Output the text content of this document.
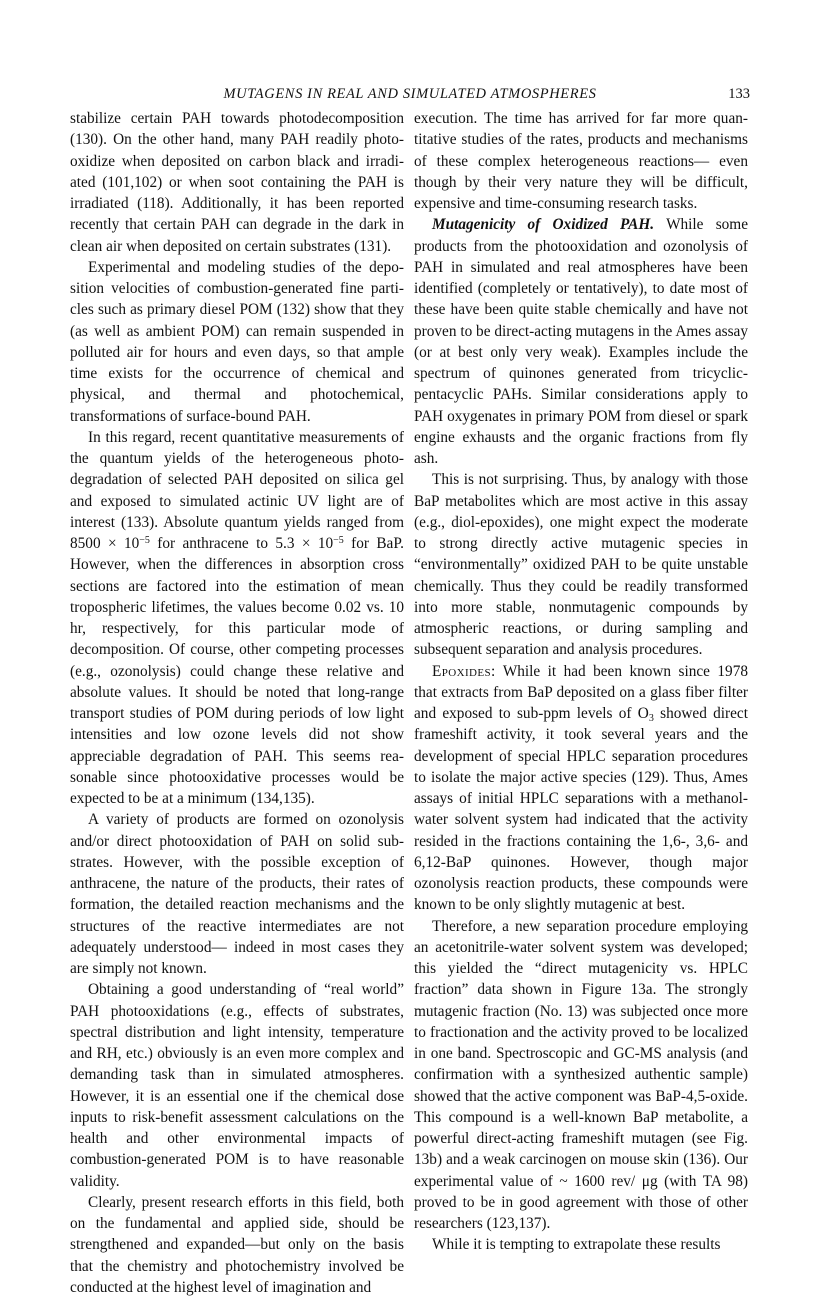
MUTAGENS IN REAL AND SIMULATED ATMOSPHERES	133

stabilize certain PAH towards photodecomposition (130). On the other hand, many PAH readily photooxidize when deposited on carbon black and irradiated (101,102) or when soot containing the PAH is irradiated (118). Additionally, it has been reported recently that certain PAH can degrade in the dark in clean air when deposited on certain substrates (131).

Experimental and modeling studies of the deposition velocities of combustion-generated fine particles such as primary diesel POM (132) show that they (as well as ambient POM) can remain suspended in polluted air for hours and even days, so that ample time exists for the occurrence of chemical and physical, and thermal and photochemical, transformations of surface-bound PAH.

In this regard, recent quantitative measurements of the quantum yields of the heterogeneous photodegradation of selected PAH deposited on silica gel and exposed to simulated actinic UV light are of interest (133). Absolute quantum yields ranged from $8500 \times 10^{-5}$ for anthracene to $5.3 \times 10^{-5}$ for BaP. However, when the differences in absorption cross sections are factored into the estimation of mean tropospheric lifetimes, the values become 0.02 vs. 10 hr, respectively, for this particular mode of decomposition. Of course, other competing processes (e.g., ozonolysis) could change these relative and absolute values. It should be noted that long-range transport studies of POM during periods of low light intensities and low ozone levels did not show appreciable degradation of PAH. This seems reasonable since photooxidative processes would be expected to be at a minimum (134,135).

A variety of products are formed on ozonolysis and/or direct photooxidation of PAH on solid substrates. However, with the possible exception of anthracene, the nature of the products, their rates of formation, the detailed reaction mechanisms and the structures of the reactive intermediates are not adequately understood— indeed in most cases they are simply not known.

Obtaining a good understanding of “real world” PAH photooxidations (e.g., effects of substrates, spectral distribution and light intensity, temperature and RH, etc.) obviously is an even more complex and demanding task than in simulated atmospheres. However, it is an essential one if the chemical dose inputs to risk-benefit assessment calculations on the health and other environmental impacts of combustion-generated POM is to have reasonable validity.

Clearly, present research efforts in this field, both on the fundamental and applied side, should be strengthened and expanded—but only on the basis that the chemistry and photochemistry involved be conducted at the highest level of imagination and

execution. The time has arrived for far more quantitative studies of the rates, products and mechanisms of these complex heterogeneous reactions— even though by their very nature they will be difficult, expensive and time-consuming research tasks.

Mutagenicity of Oxidized PAH. While some products from the photooxidation and ozonolysis of PAH in simulated and real atmospheres have been identified (completely or tentatively), to date most of these have been quite stable chemically and have not proven to be direct-acting mutagens in the Ames assay (or at best only very weak). Examples include the spectrum of quinones generated from tricyclic-pentacyclic PAHs. Similar considerations apply to PAH oxygenates in primary POM from diesel or spark engine exhausts and the organic fractions from fly ash.

This is not surprising. Thus, by analogy with those BaP metabolites which are most active in this assay (e.g., diol-epoxides), one might expect the moderate to strong directly active mutagenic species in “environmentally” oxidized PAH to be quite unstable chemically. Thus they could be readily transformed into more stable, nonmutagenic compounds by atmospheric reactions, or during sampling and subsequent separation and analysis procedures.

Epoxides: While it had been known since 1978 that extracts from BaP deposited on a glass fiber filter and exposed to sub-ppm levels of $O_3$ showed direct frameshift activity, it took several years and the development of special HPLC separation procedures to isolate the major active species (129). Thus, Ames assays of initial HPLC separations with a methanol-water solvent system had indicated that the activity resided in the fractions containing the 1,6-, 3,6- and 6,12-BaP quinones. However, though major ozonolysis reaction products, these compounds were known to be only slightly mutagenic at best.

Therefore, a new separation procedure employing an acetonitrile-water solvent system was developed; this yielded the “direct mutagenicity vs. HPLC fraction” data shown in Figure 13a. The strongly mutagenic fraction (No. 13) was subjected once more to fractionation and the activity proved to be localized in one band. Spectroscopic and GC-MS analysis (and confirmation with a synthesized authentic sample) showed that the active component was BaP-4,5-oxide. This compound is a well-known BaP metabolite, a powerful direct-acting frameshift mutagen (see Fig. 13b) and a weak carcinogen on mouse skin (136). Our experimental value of ~ 1600 rev/ μg (with TA 98) proved to be in good agreement with those of other researchers (123,137).

While it is tempting to extrapolate these results
